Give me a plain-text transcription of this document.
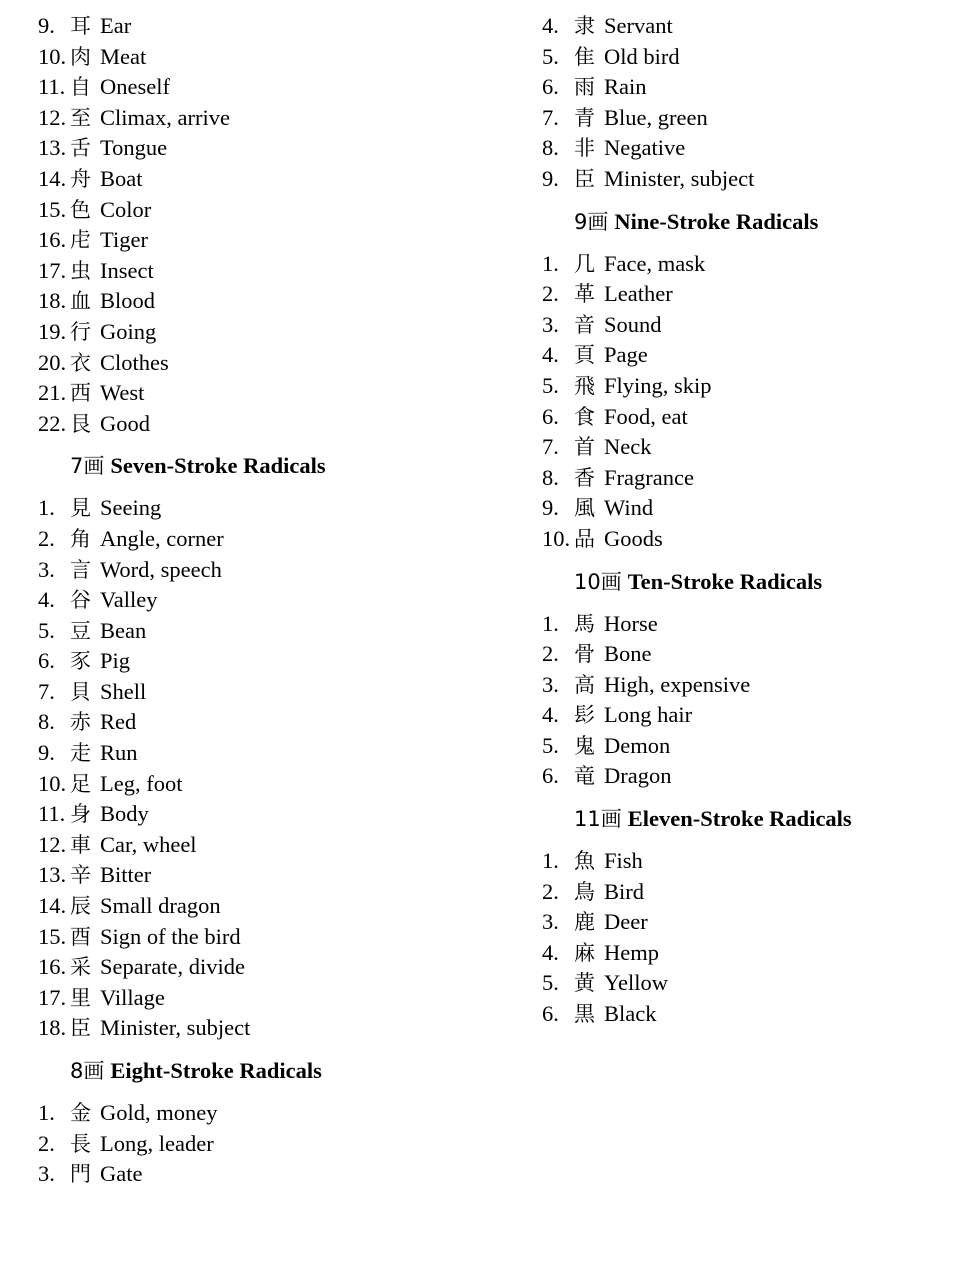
9. 耳 Ear
10. 肉 Meat
11. 自 Oneself
12. 至 Climax, arrive
13. 舌 Tongue
14. 舟 Boat
15. 色 Color
16. 虍 Tiger
17. 虫 Insect
18. 血 Blood
19. 行 Going
20. 衣 Clothes
21. 西 West
22. 艮 Good
7画 Seven-Stroke Radicals
1. 見 Seeing
2. 角 Angle, corner
3. 言 Word, speech
4. 谷 Valley
5. 豆 Bean
6. 豕 Pig
7. 貝 Shell
8. 赤 Red
9. 走 Run
10. 足 Leg, foot
11. 身 Body
12. 車 Car, wheel
13. 辛 Bitter
14. 辰 Small dragon
15. 酉 Sign of the bird
16. 采 Separate, divide
17. 里 Village
18. 臣 Minister, subject
8画 Eight-Stroke Radicals
1. 金 Gold, money
2. 長 Long, leader
3. 門 Gate
4. 隶 Servant
5. 隹 Old bird
6. 雨 Rain
7. 青 Blue, green
8. 非 Negative
9. 臣 Minister, subject
9画 Nine-Stroke Radicals
1. 几 Face, mask
2. 革 Leather
3. 音 Sound
4. 頁 Page
5. 飛 Flying, skip
6. 食 Food, eat
7. 首 Neck
8. 香 Fragrance
9. 風 Wind
10. 品 Goods
10画 Ten-Stroke Radicals
1. 馬 Horse
2. 骨 Bone
3. 高 High, expensive
4. 髟 Long hair
5. 鬼 Demon
6. 竜 Dragon
11画 Eleven-Stroke Radicals
1. 魚 Fish
2. 鳥 Bird
3. 鹿 Deer
4. 麻 Hemp
5. 黄 Yellow
6. 黒 Black
